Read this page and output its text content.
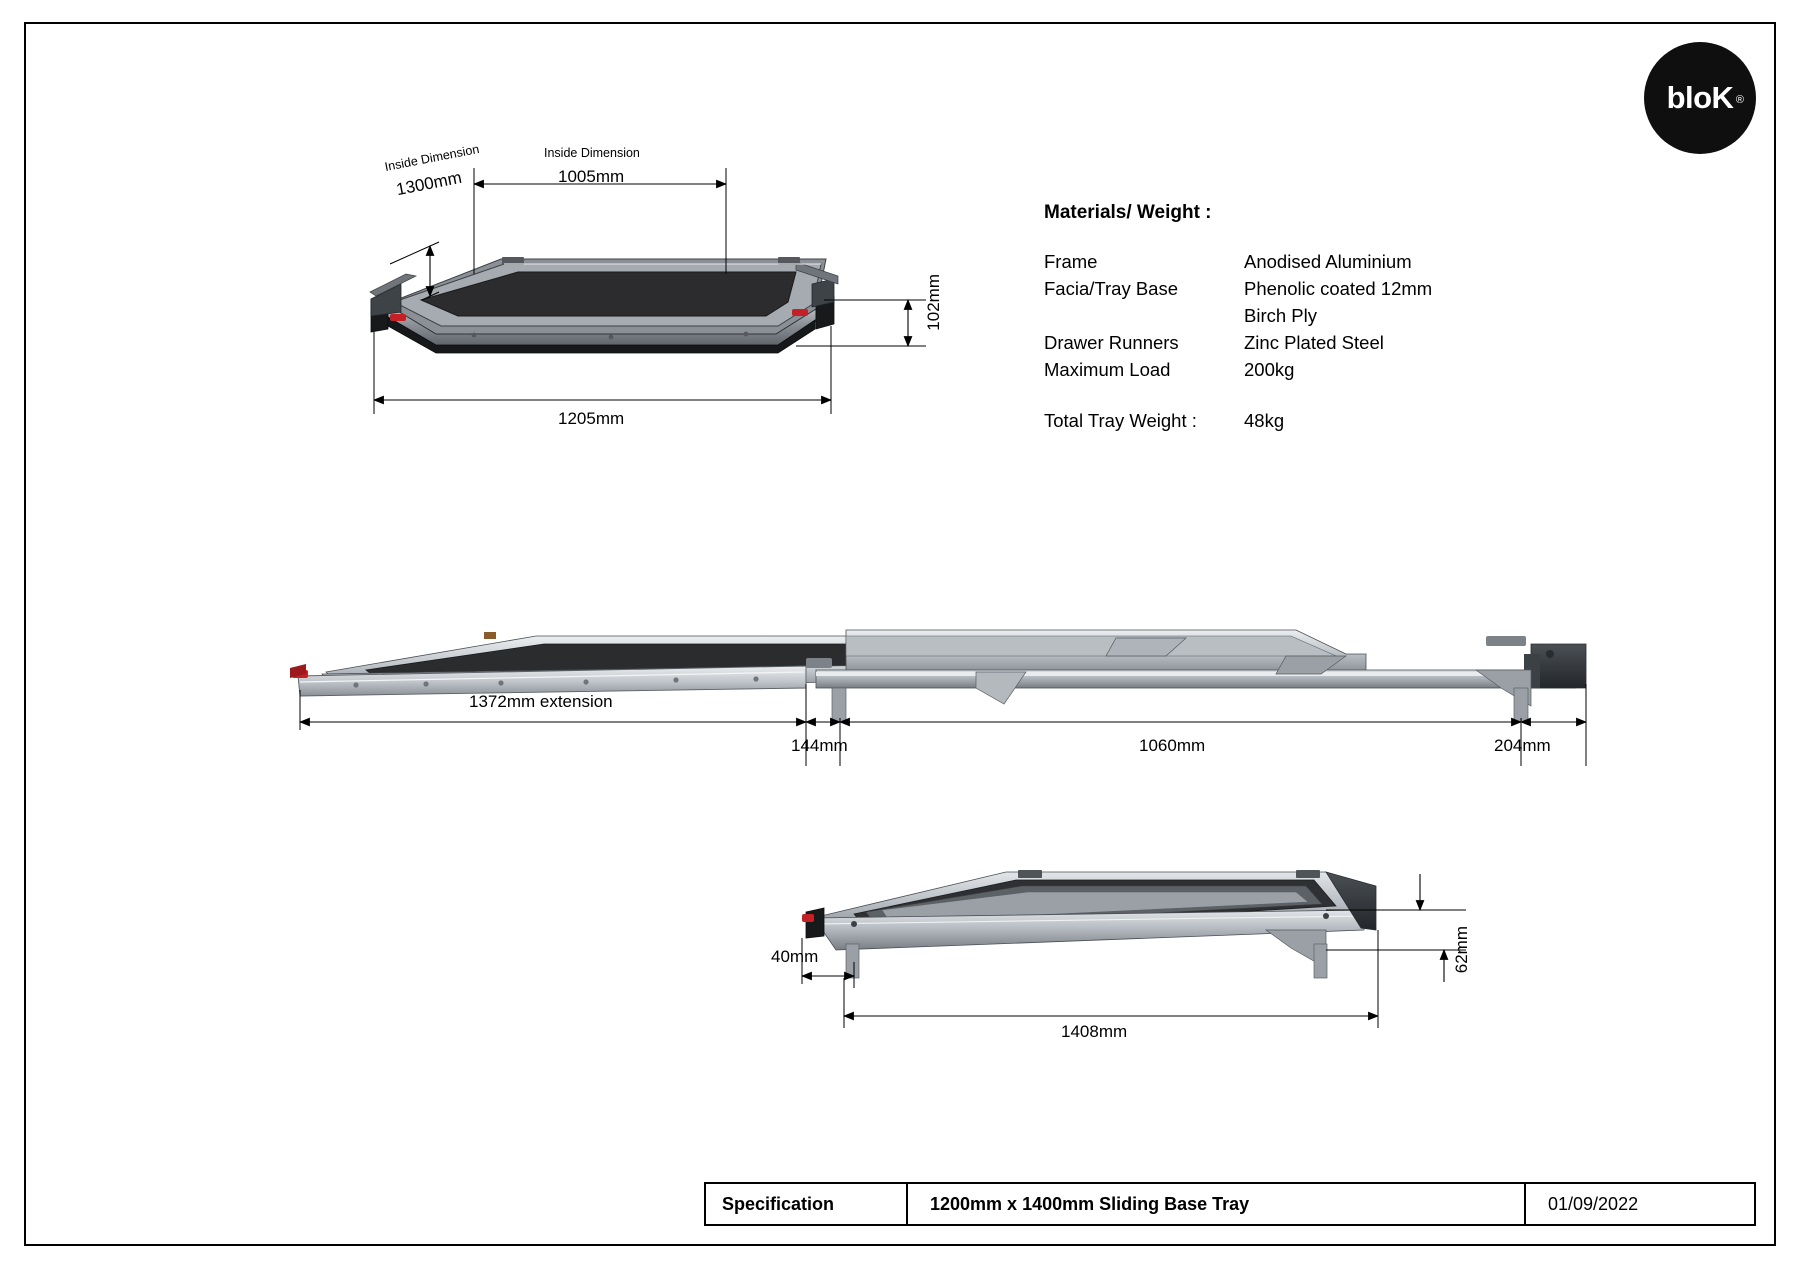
bloK ®
Materials/ Weight :
Frame	Anodised Aluminium
Facia/Tray Base	Phenolic coated 12mm
Birch Ply
Drawer Runners	Zinc Plated Steel
Maximum Load	200kg
Total Tray Weight :	48kg
Inside Dimension
1300mm
Inside Dimension
1005mm
102mm
1205mm
1372mm extension
144mm	1060mm	204mm
40mm	62mm
1408mm
Specification	1200mm x 1400mm Sliding Base Tray	01/09/2022
